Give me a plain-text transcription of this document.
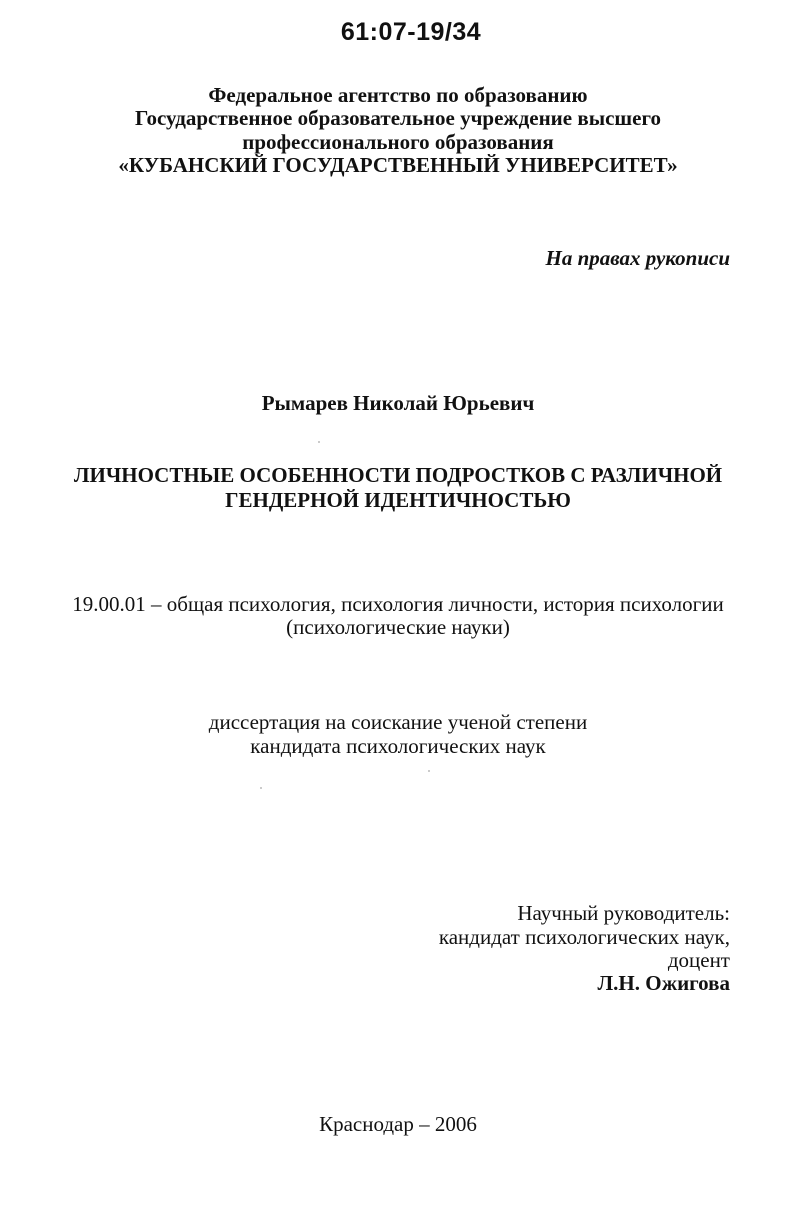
61:07-19/34
Федеральное агентство по образованию
Государственное образовательное учреждение высшего
профессионального образования
«КУБАНСКИЙ ГОСУДАРСТВЕННЫЙ УНИВЕРСИТЕТ»
На правах рукописи
Рымарев Николай Юрьевич
ЛИЧНОСТНЫЕ ОСОБЕННОСТИ ПОДРОСТКОВ С РАЗЛИЧНОЙ
ГЕНДЕРНОЙ ИДЕНТИЧНОСТЬЮ
19.00.01 – общая психология, психология личности, история психологии
(психологические науки)
диссертация на соискание ученой степени
кандидата психологических наук
Научный руководитель:
кандидат психологических наук,
доцент
Л.Н. Ожигова
Краснодар – 2006
